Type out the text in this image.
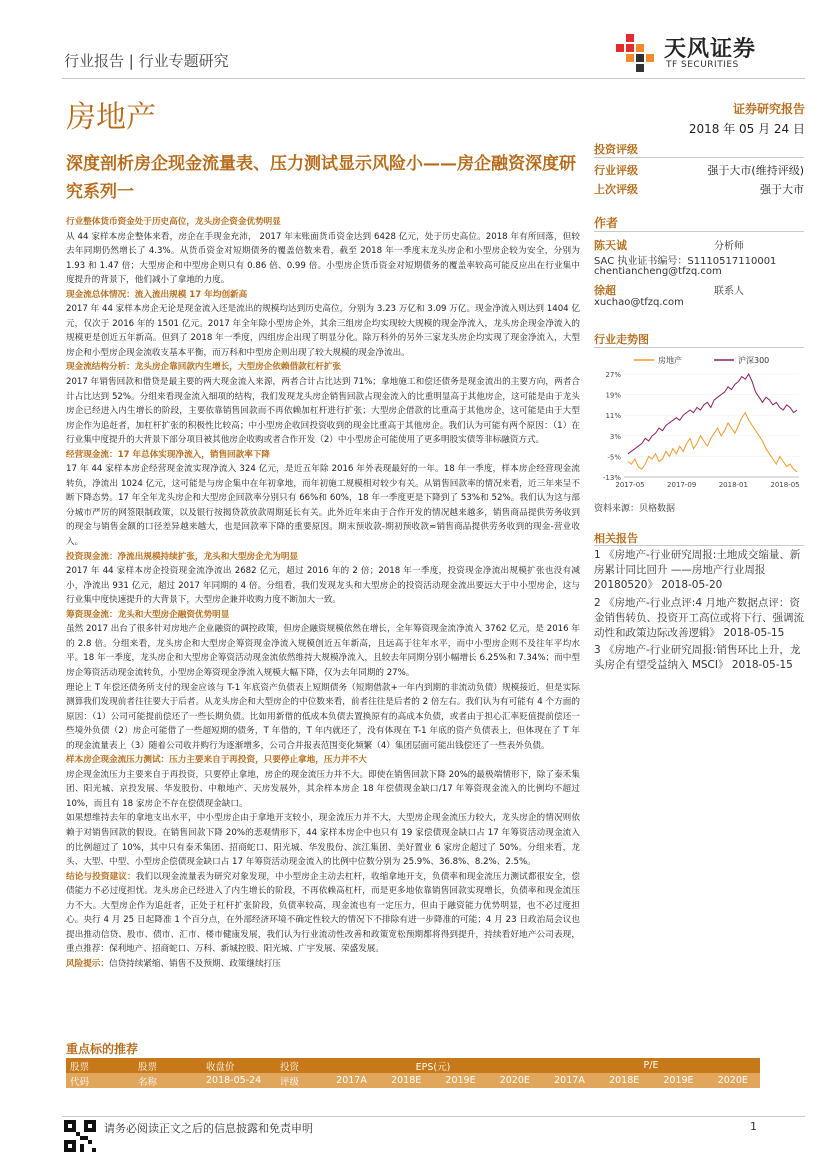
行业报告 | 行业专题研究	天风证券
TF SECURITIES
房地产	证券研究报告
2018 年 05 月 24 日
深度剖析房企现金流量表、压力测试显示风险小——房企融资深度研究系列一

行业整体货币资金处于历史高位，龙头房企资金优势明显

从 44 家样本房企整体来看，房企在手现金充沛， 2017 年末账面货币资金达到 6428 亿元，处于历史高位。2018 年有所回落，但较去年同期仍然增长了 4.3%。从货币资金对短期债务的覆盖倍数来看，截至 2018 年一季度末龙头房企和小型房企较为安全，分别为 1.93 和 1.47 倍；大型房企和中型房企则只有 0.86 倍、0.99 倍。小型房企货币资金对短期债务的覆盖率较高可能反应出在行业集中度提升的背景下，他们减小了拿地的力度。

现金流总体情况：流入流出规模 17 年均创新高

2017 年 44 家样本房企无论是现金流入还是流出的规模均达到历史高位，分别为 3.23 万亿和 3.09 万亿。现金净流入则达到 1404 亿元，仅次于 2016 年的 1501 亿元。2017 年全年除小型房企外，其余三组房企均实现较大规模的现金净流入，龙头房企现金净流入的规模更是创近五年新高。但到了 2018 年一季度，四组房企出现了明显分化。除万科外的另外三家龙头房企均实现了现金净流入，大型房企和小型房企现金流收支基本平衡，而万科和中型房企则出现了较大规模的现金净流出。

现金流结构分析：龙头房企靠回款内生增长，大型房企依赖借款杠杆扩张

2017 年销售回款和借贷是最主要的两大现金流入来源，两者合计占比达到 71%；拿地施工和偿还债务是现金流出的主要方向，两者合计占比达到 52%。分组来看现金流入细项的结构，我们发现龙头房企销售回款占现金流入的比重明显高于其他房企，这可能是由于龙头房企已经进入内生增长的阶段，主要依靠销售回款而不再依赖加杠杆进行扩张；大型房企借款的比重高于其他房企，这可能是由于大型房企作为追赶者，加杠杆扩张的积极性比较高；中小型房企收回投资收到的现金比重高于其他房企。我们认为可能有两个原因：（1）在行业集中度提升的大背景下部分项目被其他房企收购或者合作开发（2）中小型房企可能使用了更多明股实债等非标融资方式。

经营现金流：17 年总体实现净流入，销售回款率下降

17 年 44 家样本房企经营现金流实现净流入 324 亿元，是近五年除 2016 年外表现最好的一年。18 年一季度，样本房企经营现金流转负，净流出 1024 亿元，这可能是与房企集中在年初拿地，而年初施工规模相对较少有关。从销售回款率的情况来看，近三年来呈不断下降态势。17 年全年龙头房企和大型房企回款率分别只有 66%和 60%，18 年一季度更是下降到了 53%和 52%。我们认为这与部分城市严厉的网签限制政策，以及银行按揭贷款放款周期延长有关。此外近年来由于合作开发的情况越来越多，销售商品提供劳务收到的现金与销售金额的口径差异越来越大，也是回款率下降的重要原因。期末预收款-期初预收款≈销售商品提供劳务收到的现金-营业收入。

投资现金流：净流出规模持续扩张，龙头和大型房企尤为明显

2017 年 44 家样本房企投资现金流净流出 2682 亿元，超过 2016 年的 2 倍；2018 年一季度，投资现金净流出规模扩张也没有减小，净流出 931 亿元，超过 2017 年同期的 4 倍。分组看，我们发现龙头和大型房企的投资活动现金流出要远大于中小型房企，这与行业集中度快速提升的大背景下，大型房企兼并收购力度不断加大一致。

筹资现金流：龙头和大型房企融资优势明显

虽然 2017 出台了很多针对房地产企业融资的调控政策，但房企融资规模依然在增长，全年筹资现金流净流入 3762 亿元，是 2016 年的 2.8 倍。分组来看，龙头房企和大型房企筹资现金净流入规模创近五年新高，且远高于往年水平，而中小型房企则不及往年平均水平。18 年一季度，龙头房企和大型房企筹资活动现金流依然维持大规模净流入，且较去年同期分别小幅增长 6.25%和 7.34%；而中型房企筹资活动现金流转负，小型房企筹资现金净流入规模大幅下降，仅为去年同期的 27%。

理论上 T 年偿还债务所支付的现金应该与 T-1 年底资产负债表上短期债务（短期借款+一年内到期的非流动负债）规模接近，但是实际测算我们发现前者往往要大于后者。从龙头房企和大型房企的中位数来看，前者往往是后者的 2 倍左右。我们认为有可能有 4 个方面的原因：（1）公司可能提前偿还了一些长期负债。比如用新借的低成本负债去置换原有的高成本负债，或者由于担心汇率贬值提前偿还一些境外负债（2）房企可能借了一些超短期的债务，T 年借的，T 年内就还了，没有体现在 T-1 年底的资产负债表上，但体现在了 T 年的现金流量表上（3）随着公司收并购行为逐渐增多，公司合并报表范围变化频繁（4）集团层面可能出钱偿还了一些表外负债。

样本房企现金流压力测试：压力主要来自于再投资，只要停止拿地，压力并不大

房企现金流压力主要来自于再投资，只要停止拿地，房企的现金流压力并不大。即使在销售回款下降 20%的最极端情形下，除了泰禾集团、阳光城、京投发展、华发股份、中粮地产、天房发展外，其余样本房企 18 年偿债现金缺口/17 年筹资现金流入的比例均不超过 10%，而且有 18 家房企不存在偿债现金缺口。

如果想维持去年的拿地支出水平，中小型房企由于拿地开支较小，现金流压力并不大，大型房企现金流压力较大，龙头房企的情况则依赖于对销售回款的假设。在销售回款下降 20%的悲观情形下，44 家样本房企中也只有 19 家偿债现金缺口占 17 年筹资活动现金流入的比例超过了 10%，其中只有泰禾集团、招商蛇口、阳光城、华发股份、滨江集团、美好置业 6 家房企超过了 50%。分组来看，龙头、大型、中型、小型房企偿债现金缺口占 17 年筹资活动现金流入的比例中位数分别为 25.9%、36.8%、8.2%、2.5%。

结论与投资建议：我们以现金流量表为研究对象发现，中小型房企主动去杠杆，收缩拿地开支，负债率和现金流压力测试都很安全，偿债能力不必过度担忧。龙头房企已经进入了内生增长的阶段，不再依赖高杠杆，而是更多地依靠销售回款实现增长，负债率和现金流压力不大。大型房企作为追赶者，正处于杠杆扩张阶段，负债率较高，现金流也有一定压力，但由于融资能力优势明显，也不必过度担心。央行 4 月 25 日起降准 1 个百分点，在外部经济环境不确定性较大的情况下不排除有进一步降准的可能；4 月 23 日政治局会议也提出推动信贷、股市、债市、汇市、楼市健康发展，我们认为行业流动性改善和政策宽松预期都将得到提升，持续看好地产公司表现，重点推荐：保利地产、招商蛇口、万科、新城控股、阳光城、广宇发展、荣盛发展。

风险提示：信贷持续紧缩、销售不及预期、政策继续打压

投资评级
行业评级	强于大市(维持评级)
上次评级	强于大市
作者
陈天诚	分析师
SAC 执业证书编号：S1110517110001
chentiancheng@tfzq.com
徐超	联系人
xuchao@tfzq.com
行业走势图
27%
19%
11%
3%
-5%
-13%
2017-05	2017-09	2018-01	2018-05
房地产	沪深300
资料来源：贝格数据
相关报告

1 《房地产-行业研究周报:土地成交缩量、新房累计同比回升 ——房地产行业周报 20180520》 2018-05-20

2 《房地产-行业点评:4 月地产数据点评：资金销售转负、投资开工高位或将下行、强调流动性和政策边际改善逻辑》 2018-05-15

3 《房地产-行业研究周报:销售环比上升，龙头房企有望受益纳入 MSCI》 2018-05-15

重点标的推荐
股票	股票	收盘价	投资	EPS(元)				P/E			
代码	名称	2018-05-24	评级	2017A	2018E	2019E	2020E	2017A	2018E	2019E	2020E
请务必阅读正文之后的信息披露和免责申明	1
